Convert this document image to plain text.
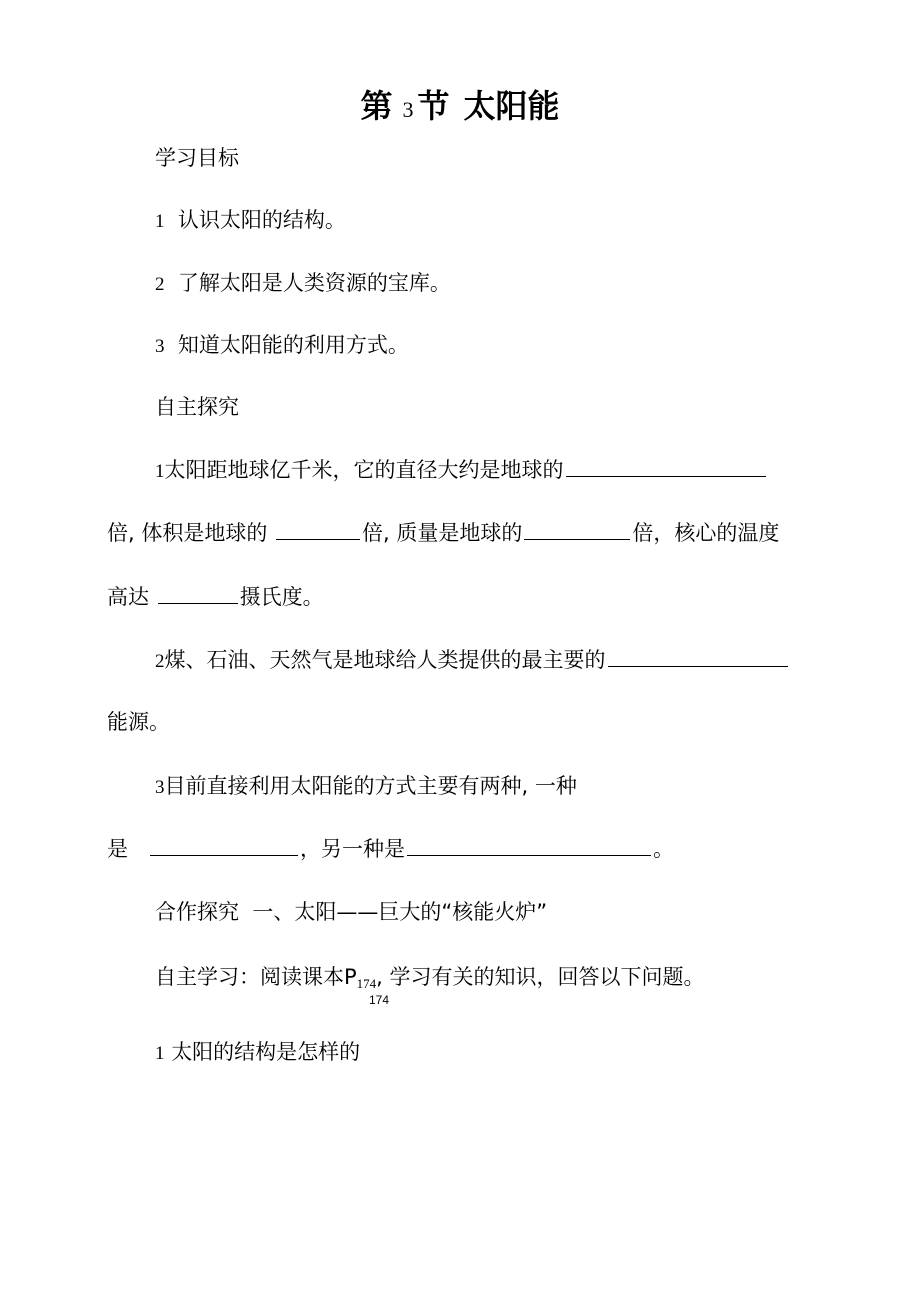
第 3 节 太阳能
学习目标
1 认识太阳的结构。
2 了解太阳是人类资源的宝库。
3 知道太阳能的利用方式。
自主探究
1太阳距地球亿千米，它的直径大约是地球的
倍, 体积是地球的	倍, 质量是地球的	倍，核心的温度
高达	摄氏度。
2煤、石油、天然气是地球给人类提供的最主要的
能源。
3目前直接利用太阳能的方式主要有两种, 一种
是	，另一种是	。
合作探究 一、太阳——巨大的“核能火炉”
自主学习：阅读课本$P_{174}$, 学习有关的知识，回答以下问题。
174
1 太阳的结构是怎样的
